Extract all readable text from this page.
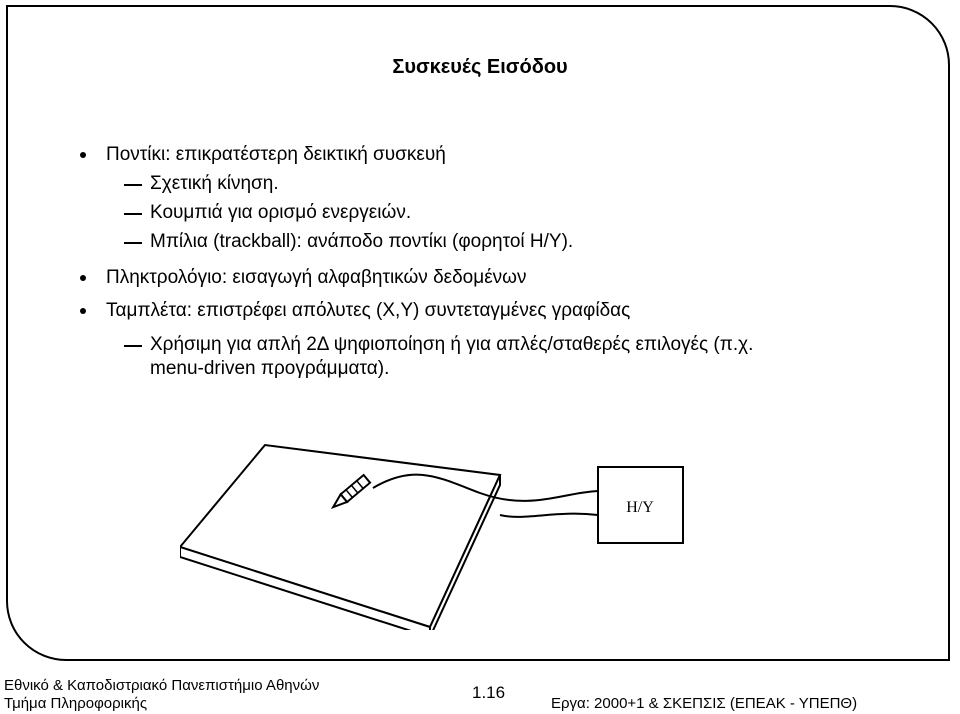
Συσκευές Εισόδου
Ποντίκι: επικρατέστερη δεικτική συσκευή
Σχετική κίνηση.
Κουμπιά για ορισμό ενεργειών.
Μπίλια (trackball): ανάποδο ποντίκι (φορητοί Η/Υ).
Πληκτρολόγιο: εισαγωγή αλφαβητικών δεδομένων
Ταμπλέτα: επιστρέφει απόλυτες (Χ,Υ) συντεταγμένες γραφίδας
Χρήσιμη για απλή 2Δ ψηφιοποίηση ή για απλές/σταθερές επιλογές (π.χ.
menu-driven προγράμματα).
H/Y
Εθνικό & Καποδιστριακό Πανεπιστήμιο Αθηνών
Τμήμα Πληροφορικής
1.16
Εργα: 2000+1 & ΣΚΕΠΣΙΣ (ΕΠΕΑΚ - ΥΠΕΠΘ)
